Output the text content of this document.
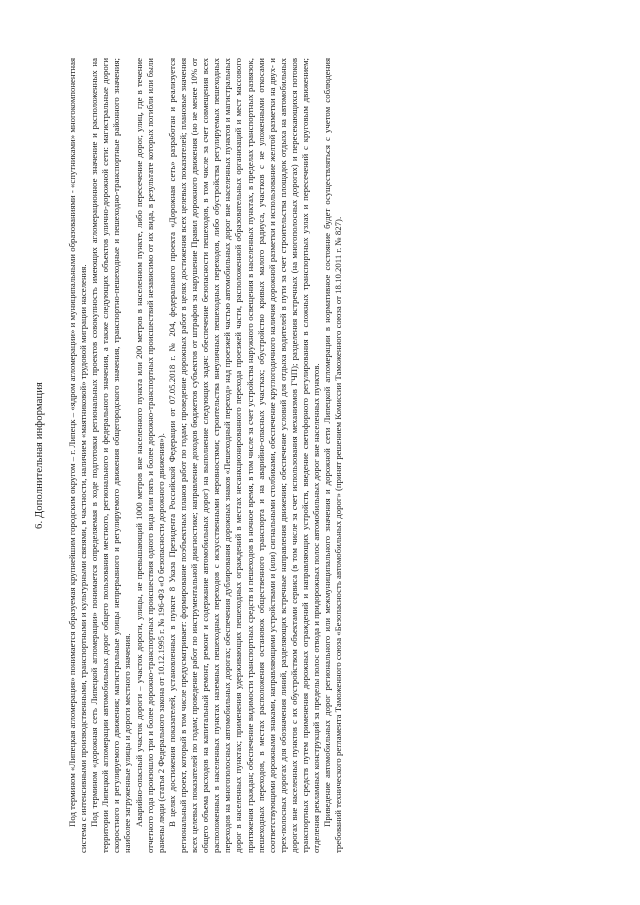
6. Дополнительная информация	Под термином «Липецкая агломерация» понимается образуемая крупнейшим городским округом – г. Липецк – «ядром агломерации» и муниципальными образованиями - «спутниками» многокомпонентная система с интенсивными производственными, транспортными и культурными связями, в частности, наличием «маятниковой» трудовой миграции населения. Под термином «дорожная сеть Липецкой агломерации» понимается определяемая в ходе подготовки региональных проектов совокупность имеющих агломерационное значение и расположенных на территории Липецкой агломерации автомобильных дорог общего пользования местного, регионального и федерального значения, а также следующих объектов улично-дорожной сети: магистральные дороги скоростного и регулируемого движения; магистральные улицы непрерывного и регулируемого движения общегородского значения, транспортно-пешеходные и пешеходно-транспортные районного значения; наиболее загруженные улицы и дороги местного значения. Аварийно-опасный участок дороги – участок дороги, улицы, не превышающий 1000 метров вне населенного пункта или 200 метров в населенном пункте, либо пересечение дорог, улиц, где в течение отчетного года произошло три и более дорожно-транспортных происшествия одного вида или пять и более дорожно-транспортных происшествий независимо от их вида, в результате которых погибли или были ранены люди (статья 2 Федерального закона от 10.12.1995 г. № 196-ФЗ «О безопасности дорожного движения»). В целях достижения показателей, установленных в пункте 8 Указа Президента Российской Федерации от 07.05.2018 г. № 204, федерального проекта «Дорожная сеть» разработан и реализуется региональный проект, который в том числе предусматривает: формирование поэбъектных планов работ по годам; проведение дорожных работ в целях достижения всех целевых показателей; плановые значения всех целевых показателей по годам; проведение работ по инструментальной диагностике; направление доходов бюджетов субъектов от штрафов за нарушение Правил дорожного движения (но не менее 10% от общего объема расходов на капитальный ремонт, ремонт и содержание автомобильных дорог) на выполнение следующих задач: обеспечение безопасности пешеходов, в том числе за счет совмещения всех расположенных в населенных пунктах наземных пешеходных переходов с искусственными неровностями; строительства внеуличных пешеходных переходов, либо обустройства регулируемых пешеходных переходов на многополосных автомобильных дорогах; обеспечения дублирования дорожных знаков «Пешеходный переход» над проезжей частью автомобильных дорог вне населенных пунктов и магистральных дорог в населенных пунктах; применения удерживающих пешеходных ограждений в местах несанкционированного перехода проезжей части, расположенной образовательных организаций и мест массового притяжения граждан; обеспечение видимости транспортных средств и пешеходов в ночное время, в том числе за счет устройства наружного освещения в населенных пунктах, в пределах транспортных развязок, пешеходных переходов, в местах расположения остановок общественного транспорта и на аварийно-опасных участках; обустройство кривых малого радиуса, участков с не уложенными откосами соответствующими дорожными знаками, направляющими устройствами и (или) сигнальными столбиками, обеспечение круглогодичного наличия дорожной разметки и использование желтой разметки на двух- и трех-полосных дорогах для обозначения линий, разделяющих встречные направления движения; обеспечение условий для отдыха водителей в пути за счет строительства площадок отдыха на автомобильных дорогах вне населенных пунктов с их обустройством объектами сервиса (в том числе за счет использования механизмов ГЧП); разделения встречных (на многополосных дорогах) и пересекающихся потоков транспортных средств путем применения дорожных ограждений и направляющих устройств, введение светофорного регулирования в сложных транспортных узлах и пересечений с круговым движением; отделения рекламных конструкций за пределы полос отвода и придорожных полос автомобильных дорог вне населенных пунктов. Приведение автомобильных дорог регионального или межмуниципального значения и дорожной сети Липецкой агломерации в нормативное состояние будет осуществляться с учетом соблюдения требований технического регламента Таможенного союза «Безопасность автомобильных дорог» (принят решением Комиссии Таможенного союза от 18.10.2011 г. № 827).
